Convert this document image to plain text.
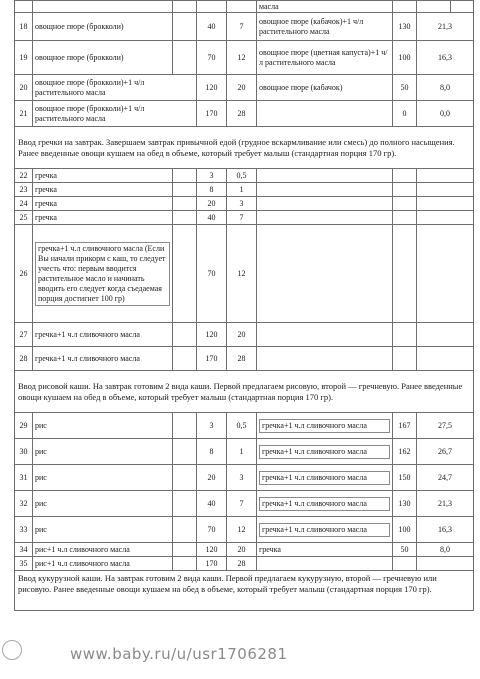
					масла			
18	овощное пюре (брокколи)		40	7	овощное пюре (кабачок)+1 ч/л растительного масла	130	21,3	
19	овощное пюре (брокколи)		70	12	овощное пюре (цветная капуста)+1 ч/л растительного масла	100	16,3	
20	овощное пюре (брокколи)+1 ч/л растительного масла		120	20	овощное пюре (кабачок)	50	8,0	
21	овощное пюре (брокколи)+1 ч/л растительного масла		170	28		0	0,0	
Ввод гречки на завтрак. Завершаем завтрак привычной едой (грудное вскармливание или смесь) до полного насыщения. Ранее введенные овощи кушаем на обед в объеме, который требует малыш (стандартная порция 170 гр).								
22	гречка		3	0,5				
23	гречка		8	1				
24	гречка		20	3				
25	гречка		40	7				
26	гречка+1 ч.л сливочного масла (Если Вы начали прикорм с каш, то следует учесть что: первым вводится растительное масло и начинать вводить его следует когда съедаемая порция достигнет 100 гр)		70	12				
27	гречка+1 ч.л сливочного масла		120	20				
28	гречка+1 ч.л сливочного масла		170	28				
Ввод рисовой каши. На завтрак готовим 2 вида каши. Первой предлагаем рисовую, второй — гречневую. Ранее введенные овощи кушаем на обед в объеме, который требует малыш (стандартная порция 170 гр).								
29	рис		3	0,5	гречка+1 ч.л сливочного масла	167	27,5	
30	рис		8	1	гречка+1 ч.л сливочного масла	162	26,7	
31	рис		20	3	гречка+1 ч.л сливочного масла	150	24,7	
32	рис		40	7	гречка+1 ч.л сливочного масла	130	21,3	
33	рис		70	12	гречка+1 ч.л сливочного масла	100	16,3	
34	рис+1 ч.л сливочного масла		120	20	гречка	50	8,0	
35	рис+1 ч.л сливочного масла		170	28				
Ввод кукурузной каши. На завтрак готовим 2 вида каши. Первой предлагаем кукурузную, второй — гречневую или рисовую. Ранее введенные овощи кушаем на обед в объеме, который требует малыш (стандартная порция 170 гр).								
www.baby.ru/u/usr1706281
